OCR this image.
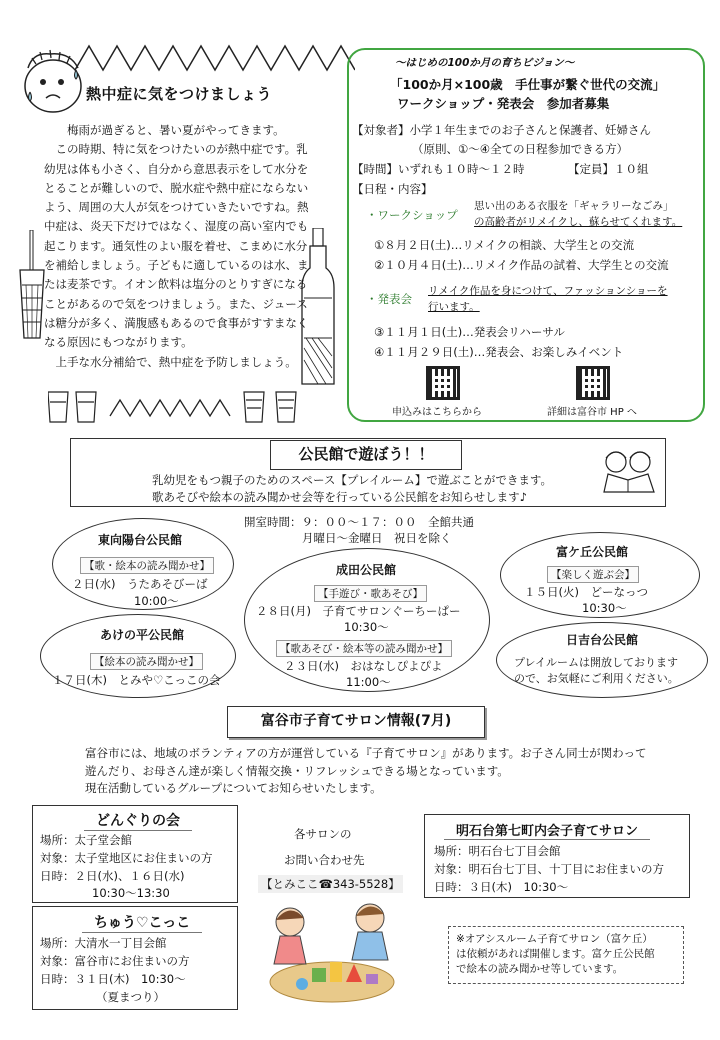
熱中症に気をつけましょう

梅雨が過ぎると、暑い夏がやってきます。

この時期、特に気をつけたいのが熱中症です。乳幼児は体も小さく、自分から意思表示をして水分をとることが難しいので、脱水症や熱中症にならないよう、周囲の大人が気をつけていきたいですね。熱中症は、炎天下だけではなく、湿度の高い室内でも起こります。通気性のよい服を着せ、こまめに水分を補給しましょう。子どもに適しているのは水、または麦茶です。イオン飲料は塩分のとりすぎになることがあるので気をつけましょう。また、ジュースは糖分が多く、満腹感もあるので食事がすすまなくなる原因にもつながります。

上手な水分補給で、熱中症を予防しましょう。

～はじめの100か月の育ちビジョン～
「100か月×100歳　手仕事が繋ぐ世代の交流」
ワークショップ・発表会　参加者募集
【対象者】小学１年生までのお子さんと保護者、妊婦さん
（原則、①～④全ての日程参加できる方）
【時間】いずれも１０時～１２時	【定員】１０組
【日程・内容】
・ワークショップ
思い出のある衣服を「ギャラリーなごみ」
の高齢者がリメイクし、蘇らせてくれます。
①８月２日(土)…リメイクの相談、大学生との交流
②１０月４日(土)…リメイク作品の試着、大学生との交流
・発表会
リメイク作品を身につけて、ファッションショーを
行います。
③１１月１日(土)…発表会リハーサル
④１１月２９日(土)…発表会、お楽しみイベント
申込みはこちらから	詳細は富谷市 HP へ
公民館で遊ぼう！！
乳幼児をもつ親子のためのスペース【プレイルーム】で遊ぶことができます。
歌あそびや絵本の読み聞かせ会等を行っている公民館をお知らせします♪
開室時間：９：００～１７：００　全館共通
月曜日～金曜日　祝日を除く
東向陽台公民館
【歌・絵本の読み聞かせ】
２日(水)　うたあそびーば
10:00～
あけの平公民館
【絵本の読み聞かせ】
１７日(木)　とみや♡こっこの会
成田公民館
【手遊び・歌あそび】
２８日(月)　子育てサロンぐーちーぱー
10:30～
【歌あそび・絵本等の読み聞かせ】
２３日(水)　おはなしぴよぴよ
11:00～
富ケ丘公民館
【楽しく遊ぶ会】
１５日(火)　どーなっつ
10:30～
日吉台公民館
プレイルームは開放しております
ので、お気軽にご利用ください。
富谷市子育てサロン情報(7月)
富谷市には、地域のボランティアの方が運営している『子育てサロン』があります。お子さん同士が関わって
遊んだり、お母さん達が楽しく情報交換・リフレッシュできる場となっています。
現在活動しているグループについてお知らせいたします。
どんぐりの会
場所：太子堂会館
対象：太子堂地区にお住まいの方
日時：２日(水)、１６日(水)
10:30～13:30
ちゅう♡こっこ
場所：大清水一丁目会館
対象：富谷市にお住まいの方
日時：３１日(木)　10:30～
（夏まつり）
各サロンの
お問い合わせ先
【とみここ☎343-5528】
明石台第七町内会子育てサロン
場所：明石台七丁目会館
対象：明石台七丁目、十丁目にお住まいの方
日時：３日(木)　10:30～
※オアシスルーム子育てサロン（富ケ丘）
は依頼があれば開催します。富ケ丘公民館
で絵本の読み聞かせ等しています。
